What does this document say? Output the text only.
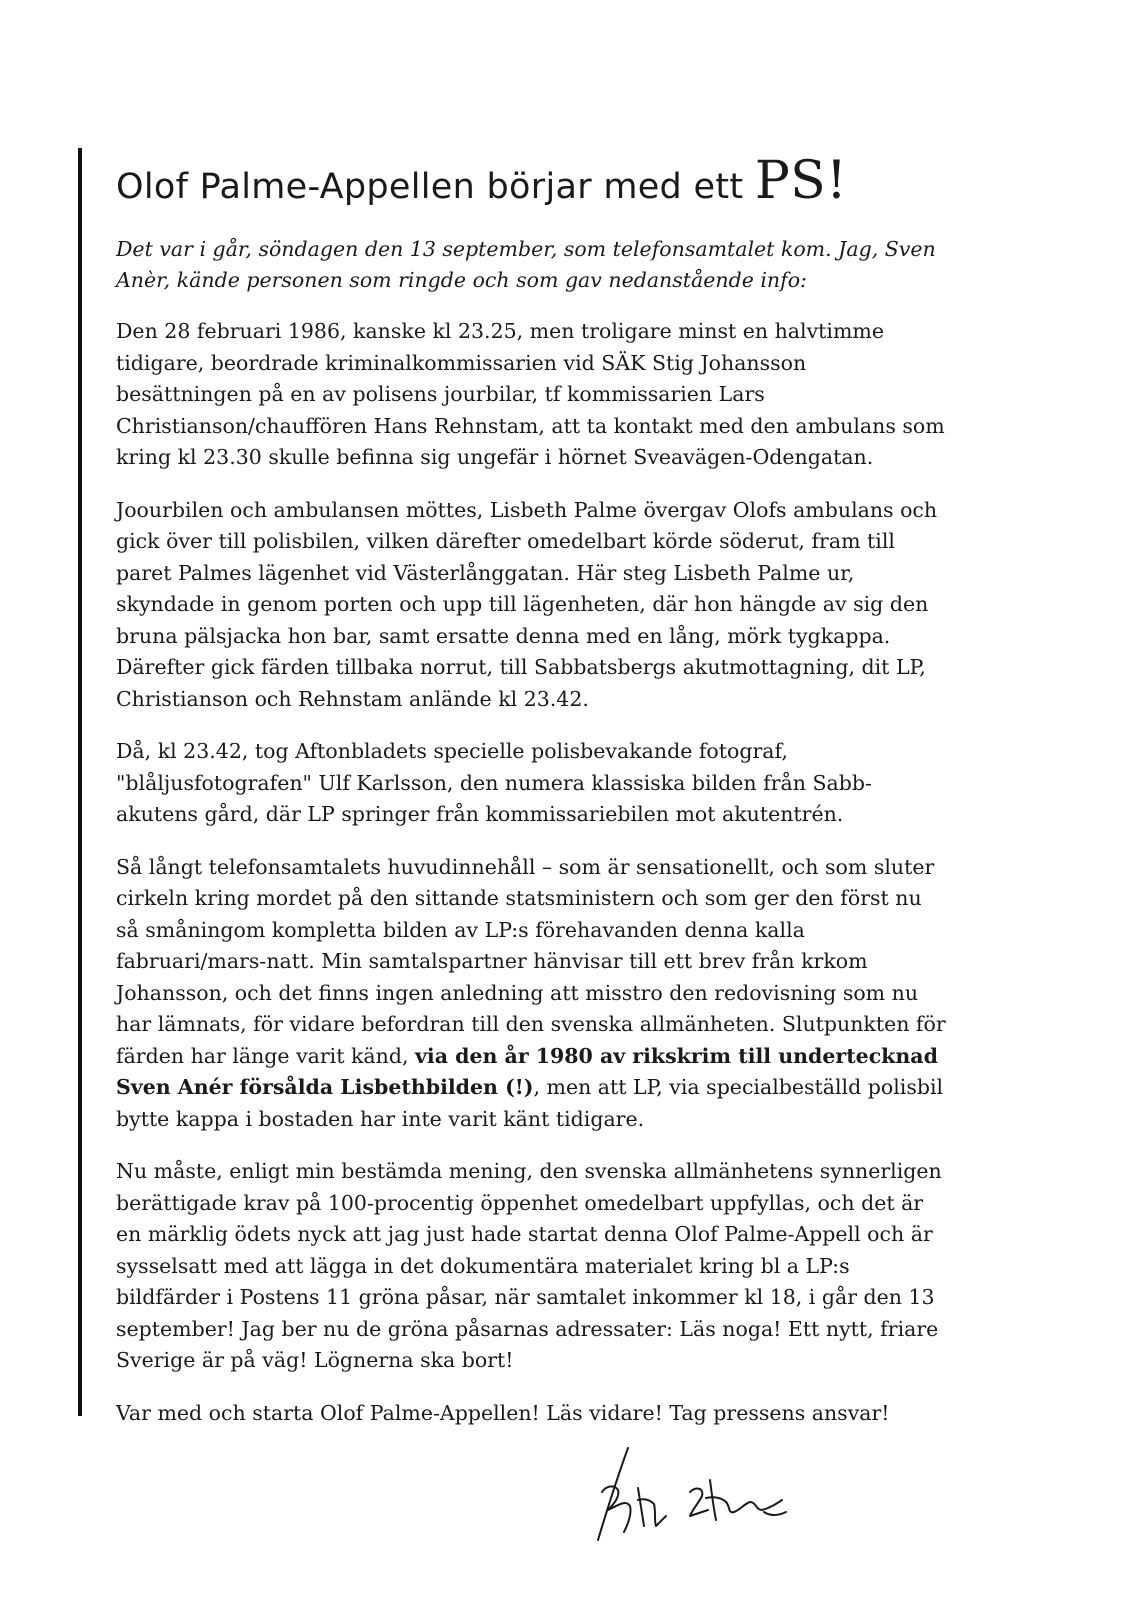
Olof Palme-Appellen börjar med ett PS!

Det var i går, söndagen den 13 september, som telefonsamtalet kom. Jag, Sven Anèr, kände personen som ringde och som gav nedanstående info:

Den 28 februari 1986, kanske kl 23.25, men troligare minst en halvtimme tidigare, beordrade kriminalkommissarien vid SÄK Stig Johansson besättningen på en av polisens jourbilar, tf kommissarien Lars Christianson/chauffören Hans Rehnstam, att ta kontakt med den ambulans som kring kl 23.30 skulle befinna sig ungefär i hörnet Sveavägen-Odengatan.

Joourbilen och ambulansen möttes, Lisbeth Palme övergav Olofs ambulans och gick över till polisbilen, vilken därefter omedelbart körde söderut, fram till paret Palmes lägenhet vid Västerlånggatan. Här steg Lisbeth Palme ur, skyndade in genom porten och upp till lägenheten, där hon hängde av sig den bruna pälsjacka hon bar, samt ersatte denna med en lång, mörk tygkappa. Därefter gick färden tillbaka norrut, till Sabbatsbergs akutmottagning, dit LP, Christianson och Rehnstam anlände kl 23.42.

Då, kl 23.42, tog Aftonbladets specielle polisbevakande fotograf, "blåljusfotografen" Ulf Karlsson, den numera klassiska bilden från Sabb-akutens gård, där LP springer från kommissariebilen mot akutentrén.

Så långt telefonsamtalets huvudinnehåll – som är sensationellt, och som sluter cirkeln kring mordet på den sittande statsministern och som ger den först nu så småningom kompletta bilden av LP:s förehavanden denna kalla fabruari/mars-natt. Min samtalspartner hänvisar till ett brev från krkom Johansson, och det finns ingen anledning att misstro den redovisning som nu har lämnats, för vidare befordran till den svenska allmänheten. Slutpunkten för färden har länge varit känd, via den år 1980 av rikskrim till undertecknad Sven Anér försålda Lisbethbilden (!), men att LP, via specialbeställd polisbil bytte kappa i bostaden har inte varit känt tidigare.

Nu måste, enligt min bestämda mening, den svenska allmänhetens synnerligen berättigade krav på 100-procentig öppenhet omedelbart uppfyllas, och det är en märklig ödets nyck att jag just hade startat denna Olof Palme-Appell och är sysselsatt med att lägga in det dokumentära materialet kring bl a LP:s bildfärder i Postens 11 gröna påsar, när samtalet inkommer kl 18, i går den 13 september! Jag ber nu de gröna påsarnas adressater: Läs noga! Ett nytt, friare Sverige är på väg! Lögnerna ska bort!

Var med och starta Olof Palme-Appellen! Läs vidare! Tag pressens ansvar!
